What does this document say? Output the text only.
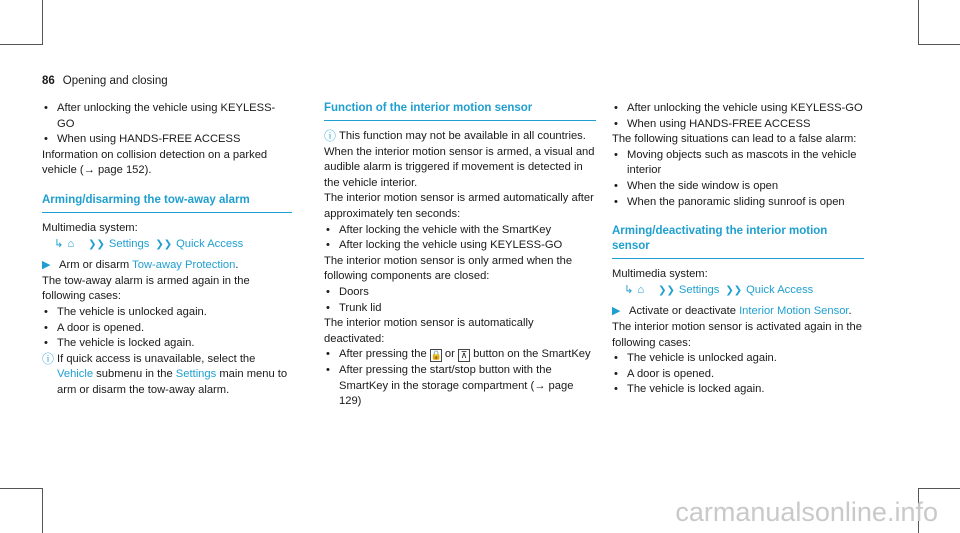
86 Opening and closing

• After unlocking the vehicle using KEYLESS-GO

• When using HANDS-FREE ACCESS

Information on collision detection on a parked vehicle (→ page 152).

Arming/disarming the tow-away alarm

Multimedia system:

↳ ⌂ ❯❯ Settings ❯❯ Quick Access

▶ Arm or disarm Tow-away Protection.

The tow-away alarm is armed again in the following cases:

• The vehicle is unlocked again.

• A door is opened.

• The vehicle is locked again.

ⓘ If quick access is unavailable, select the Vehicle submenu in the Settings main menu to arm or disarm the tow-away alarm.

Function of the interior motion sensor

ⓘ This function may not be available in all countries.

When the interior motion sensor is armed, a visual and audible alarm is triggered if movement is detected in the vehicle interior.

The interior motion sensor is armed automatically after approximately ten seconds:

• After locking the vehicle with the SmartKey

• After locking the vehicle using KEYLESS-GO

The interior motion sensor is only armed when the following components are closed:

• Doors

• Trunk lid

The interior motion sensor is automatically deactivated:

• After pressing the 🔒 or ⊼ button on the SmartKey

• After pressing the start/stop button with the SmartKey in the storage compartment (→ page 129)

• After unlocking the vehicle using KEYLESS-GO

• When using HANDS-FREE ACCESS

The following situations can lead to a false alarm:

• Moving objects such as mascots in the vehicle interior

• When the side window is open

• When the panoramic sliding sunroof is open

Arming/deactivating the interior motion sensor

Multimedia system:

↳ ⌂ ❯❯ Settings ❯❯ Quick Access

▶ Activate or deactivate Interior Motion Sensor.

The interior motion sensor is activated again in the following cases:

• The vehicle is unlocked again.

• A door is opened.

• The vehicle is locked again.

carmanualsonline.info
